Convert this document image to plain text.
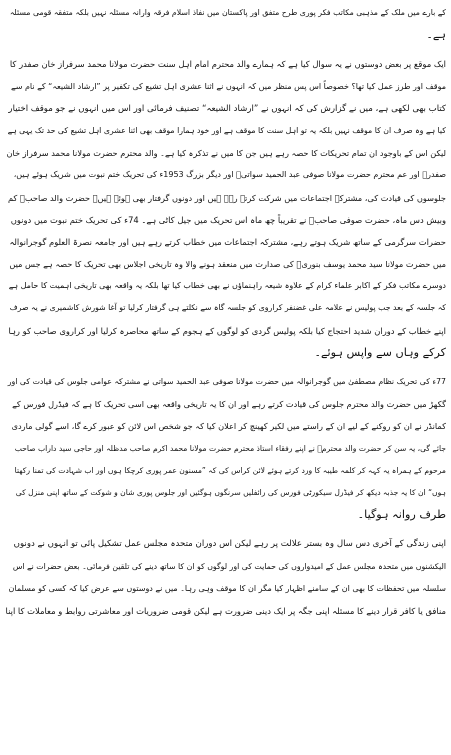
کے بارے میں ملک کے مذہبی مکاتب فکر پوری طرح متفق اور پاکستان میں نفاذ اسلام فرقہ وارانہ مسئلہ نہیں بلکہ متفقہ قومی مسئلہ
ہے۔
ایک موقع پر بعض دوستوں نے یہ سوال کیا ہے کہ ہمارے والد محترم امام اہل سنت حضرت مولانا محمد سرفراز خان صفدر کا
موقف اور طرز عمل کیا تھا؟ خصوصاً اس پس منظر میں کہ انہوں نے اثنا عشری اہل تشیع کی تکفیر پر ”ارشاد الشیعہ“ کے نام سے
کتاب بھی لکھی ہے، میں نے گزارش کی کہ انہوں نے ”ارشاد الشیعہ“ تصنیف فرمائی اور اس میں انہوں نے جو موقف اختیار
کیا ہے وہ صرف ان کا موقف نہیں بلکہ یہ تو اہل سنت کا موقف ہے اور خود ہمارا موقف بھی اثنا عشری اہل تشیع کی حد تک یہی ہے
لیکن اس کے باوجود ان تمام تحریکات کا حصہ رہے ہیں جن کا میں نے تذکرہ کیا ہے۔ والد محترم حضرت مولانا محمد سرفراز خان
صفدرؒ اور عم محترم حضرت مولانا صوفی عبد الحمید سواتیؒ اور دیگر بزرگ 1953ء کی تحریک ختم نبوت میں شریک ہوئے ہیں،
جلوسوں کی قیادت کی، مشترکہ اجتماعات میں شرکت کرتے رہے ہیں اور دونوں گرفتار بھی ہوئے ہیں۔ حضرت والد صاحبؒ کم
وبیش دس ماہ، حضرت صوفی صاحبؒ نے تقریباً چھ ماہ اس تحریک میں جیل کاٹی ہے۔ 74ء کی تحریک ختم نبوت میں دونوں
حضرات سرگرمی کے ساتھ شریک ہوتے رہے، مشترکہ اجتماعات میں خطاب کرتے رہے ہیں اور جامعہ نصرۃ العلوم گوجرانوالہ
میں حضرت مولانا سید محمد یوسف بنوریؒ کی صدارت میں منعقد ہونے والا وہ تاریخی اجلاس بھی تحریک کا حصہ ہے جس میں
دوسرے مکاتب فکر کے اکابر علماء کرام کے علاوہ شیعہ راہنماؤں نے بھی خطاب کیا تھا بلکہ یہ واقعہ بھی تاریخی اہمیت کا حامل ہے
کہ جلسہ کے بعد جب پولیس نے علامہ علی غضنفر کراروی کو جلسہ گاہ سے نکلتے ہی گرفتار کرلیا تو آغا شورش کاشمیری نے یہ صرف
اپنے خطاب کے دوران شدید احتجاج کیا بلکہ پولیس گردی کو لوگوں کے ہجوم کے ساتھ محاصرہ کرلیا اور کراروی صاحب کو رہا
کرکے وہاں سے واپس ہوئے۔
77ء کی تحریک نظام مصطفیٰ میں گوجرانوالہ میں حضرت مولانا صوفی عبد الحمید سواتی نے مشترکہ عوامی جلوس کی قیادت کی اور
گکھڑ میں حضرت والد محترم جلوس کی قیادت کرتے رہے اور ان کا یہ تاریخی واقعہ بھی اسی تحریک کا ہے کہ فیڈرل فورس کے
کمانڈر نے ان کو روکنے کے لیے ان کے راستے میں لکیر کھینچ کر اعلان کیا کہ جو شخص اس لائن کو عبور کرے گا، اسے گولی ماردی
جائے گی، یہ سن کر حضرت والد محترمؒ نے اپنے رفقاء استاذ محترم حضرت مولانا محمد اکرم صاحب مدظلہ اور حاجی سید داراب صاحب
مرحوم کے ہمراہ یہ کہہ کر کلمہ طیبہ کا ورد کرتے ہوئے لائن کراس کی کہ ”مسنون عمر پوری کرچکا ہوں اور اب شہادت کی تمنا رکھتا
ہوں“ ان کا یہ جذبہ دیکھ کر فیڈرل سیکورٹی فورس کی رائفلیں سرنگوں ہوگئیں اور جلوس پوری شان و شوکت کے ساتھ اپنی منزل کی
طرف روانہ ہوگیا۔
اپنی زندگی کے آخری دس سال وہ بستر علالت پر رہے لیکن اس دوران متحدہ مجلس عمل تشکیل پائی تو انہوں نے دونوں
الیکشنوں میں متحدہ مجلس عمل کے امیدواروں کی حمایت کی اور لوگوں کو ان کا ساتھ دینے کی تلقین فرمائی۔ بعض حضرات نے اس
سلسلہ میں تحفظات کا بھی ان کے سامنے اظہار کیا مگر ان کا موقف وہی رہا۔ میں نے دوستوں سے عرض کیا کہ کسی کو مسلمان
منافق یا کافر قرار دینے کا مسئلہ اپنی جگہ پر ایک دینی ضرورت ہے لیکن قومی ضروریات اور معاشرتی روابط و معاملات کا اپنا
